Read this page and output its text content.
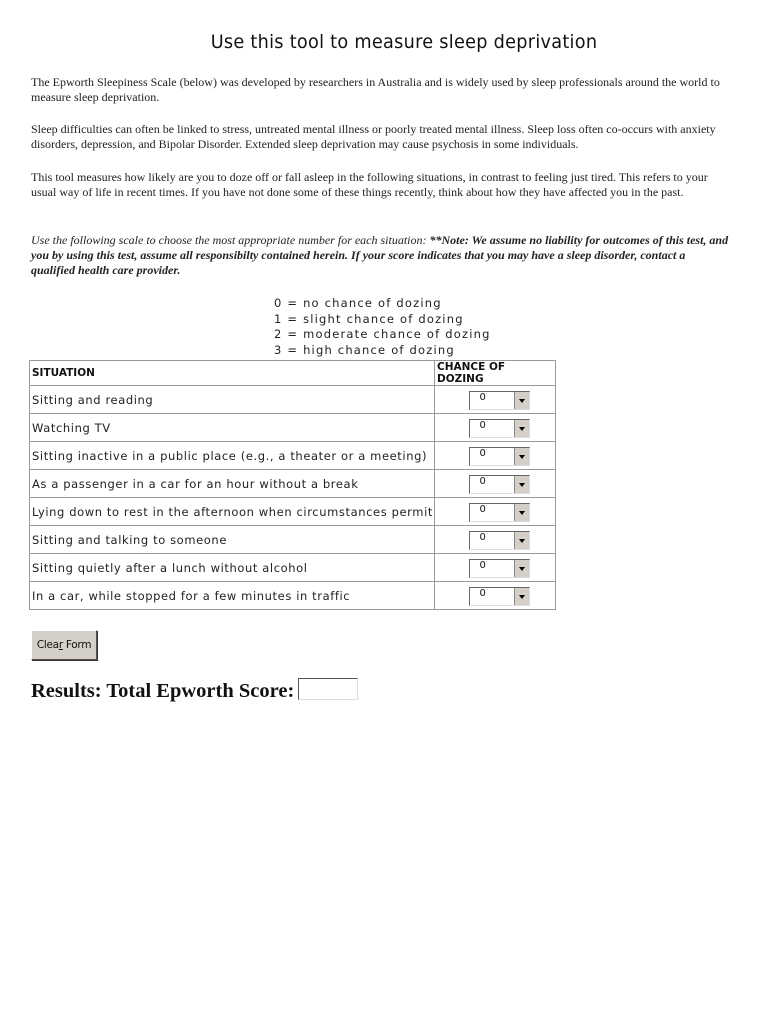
Use this tool to measure sleep deprivation

The Epworth Sleepiness Scale (below) was developed by researchers in Australia and is widely used by sleep professionals around the world to measure sleep deprivation.

Sleep difficulties can often be linked to stress, untreated mental illness or poorly treated mental illness. Sleep loss often co-occurs with anxiety disorders, depression, and Bipolar Disorder. Extended sleep deprivation may cause psychosis in some individuals.

This tool measures how likely are you to doze off or fall asleep in the following situations, in contrast to feeling just tired. This refers to your usual way of life in recent times. If you have not done some of these things recently, think about how they have affected you in the past.

Use the following scale to choose the most appropriate number for each situation: **Note: We assume no liability for outcomes of this test, and you by using this test, assume all responsibilty contained herein. If your score indicates that you may have a sleep disorder, contact a qualified health care provider.

0 = no chance of dozing
1 = slight chance of dozing
2 = moderate chance of dozing
3 = high chance of dozing
SITUATION	CHANCE OF DOZING
Sitting and reading	0

Watching TV	0

Sitting inactive in a public place (e.g., a theater or a meeting)	0

As a passenger in a car for an hour without a break	0

Lying down to rest in the afternoon when circumstances permit	0

Sitting and talking to someone	0

Sitting quietly after a lunch without alcohol	0

In a car, while stopped for a few minutes in traffic	0
Clear Form
Results: Total Epworth Score:
